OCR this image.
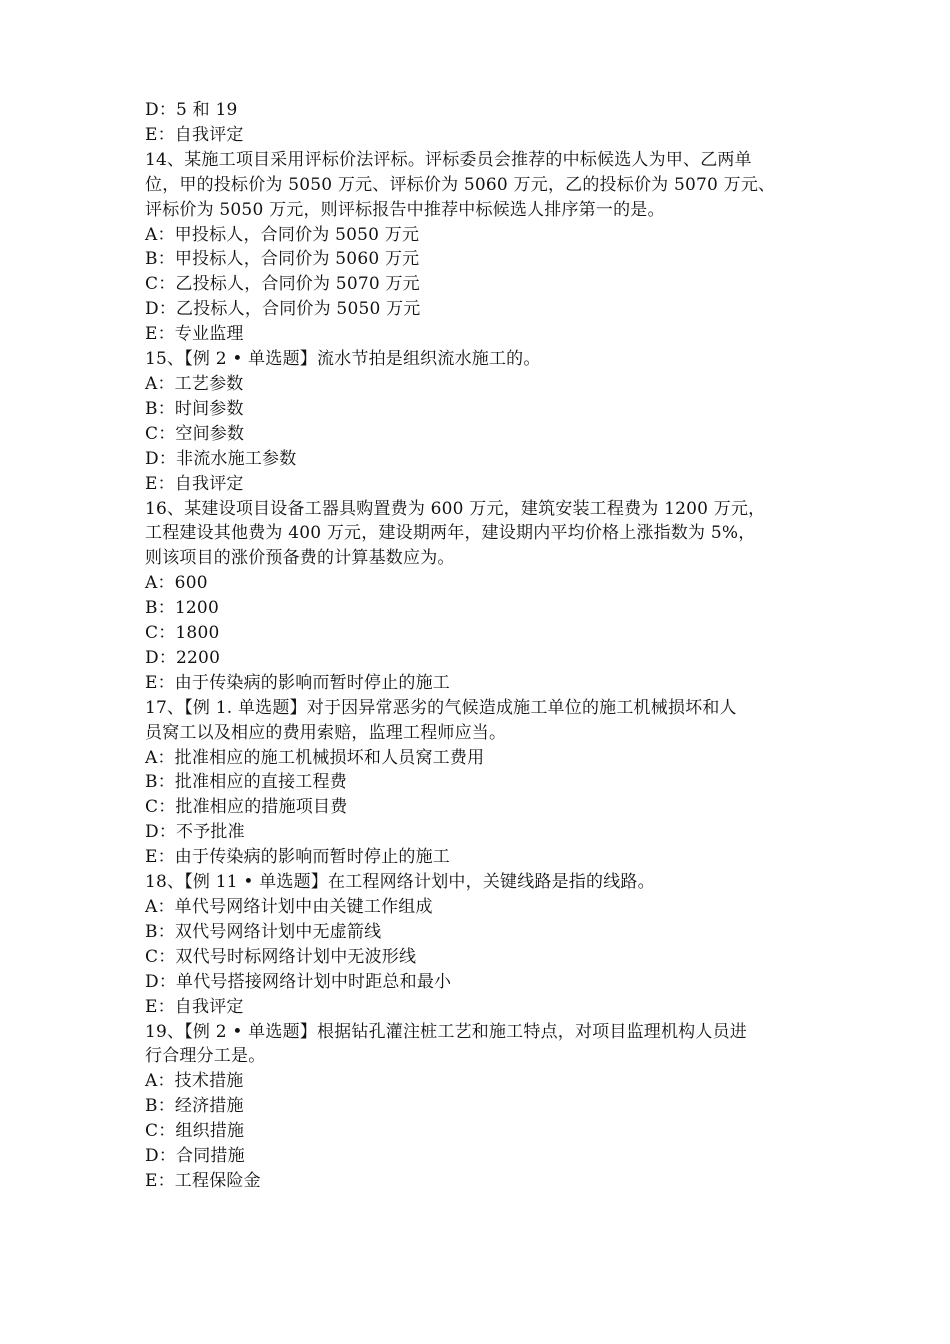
D：5 和 19
E：自我评定
14、某施工项目采用评标价法评标。评标委员会推荐的中标候选人为甲、乙两单
位，甲的投标价为 5050 万元、评标价为 5060 万元，乙的投标价为 5070 万元、
评标价为 5050 万元，则评标报告中推荐中标候选人排序第一的是。
A：甲投标人，合同价为 5050 万元
B：甲投标人，合同价为 5060 万元
C：乙投标人，合同价为 5070 万元
D：乙投标人，合同价为 5050 万元
E：专业监理
15、【例 2 • 单选题】流水节拍是组织流水施工的。
A：工艺参数
B：时间参数
C：空间参数
D：非流水施工参数
E：自我评定
16、某建设项目设备工器具购置费为 600 万元，建筑安装工程费为 1200 万元，
工程建设其他费为 400 万元，建设期两年，建设期内平均价格上涨指数为 5%，
则该项目的涨价预备费的计算基数应为。
A：600
B：1200
C：1800
D：2200
E：由于传染病的影响而暂时停止的施工
17、【例 1. 单选题】对于因异常恶劣的气候造成施工单位的施工机械损坏和人
员窝工以及相应的费用索赔，监理工程师应当。
A：批准相应的施工机械损坏和人员窝工费用
B：批准相应的直接工程费
C：批准相应的措施项目费
D：不予批准
E：由于传染病的影响而暂时停止的施工
18、【例 11 • 单选题】在工程网络计划中，关键线路是指的线路。
A：单代号网络计划中由关键工作组成
B：双代号网络计划中无虚箭线
C：双代号时标网络计划中无波形线
D：单代号搭接网络计划中时距总和最小
E：自我评定
19、【例 2 • 单选题】根据钻孔灌注桩工艺和施工特点，对项目监理机构人员进
行合理分工是。
A：技术措施
B：经济措施
C：组织措施
D：合同措施
E：工程保险金
